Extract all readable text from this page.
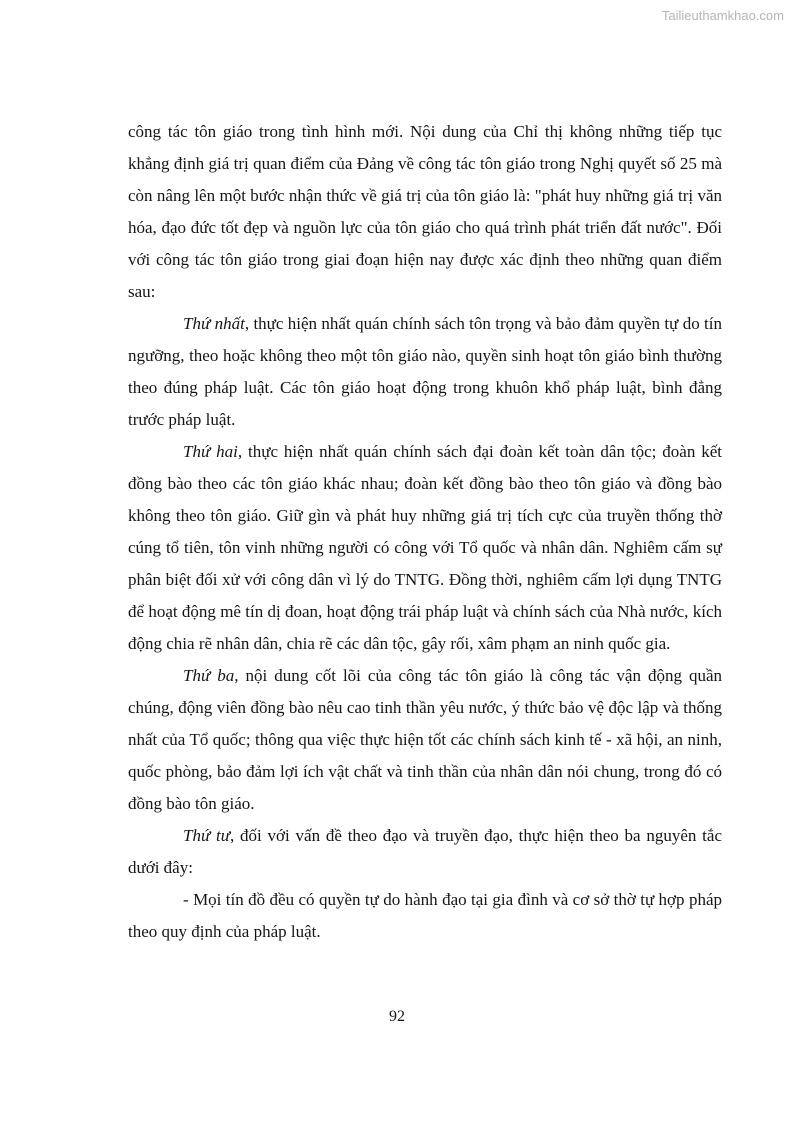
Tailieuthamkhao.com

công tác tôn giáo trong tình hình mới. Nội dung của Chỉ thị không những tiếp tục khẳng định giá trị quan điểm của Đảng về công tác tôn giáo trong Nghị quyết số 25 mà còn nâng lên một bước nhận thức về giá trị của tôn giáo là: "phát huy những giá trị văn hóa, đạo đức tốt đẹp và nguồn lực của tôn giáo cho quá trình phát triển đất nước". Đối với công tác tôn giáo trong giai đoạn hiện nay được xác định theo những quan điểm sau:

Thứ nhất, thực hiện nhất quán chính sách tôn trọng và bảo đảm quyền tự do tín ngưỡng, theo hoặc không theo một tôn giáo nào, quyền sinh hoạt tôn giáo bình thường theo đúng pháp luật. Các tôn giáo hoạt động trong khuôn khổ pháp luật, bình đẳng trước pháp luật.

Thứ hai, thực hiện nhất quán chính sách đại đoàn kết toàn dân tộc; đoàn kết đồng bào theo các tôn giáo khác nhau; đoàn kết đồng bào theo tôn giáo và đồng bào không theo tôn giáo. Giữ gìn và phát huy những giá trị tích cực của truyền thống thờ cúng tổ tiên, tôn vinh những người có công với Tổ quốc và nhân dân. Nghiêm cấm sự phân biệt đối xử với công dân vì lý do TNTG. Đồng thời, nghiêm cấm lợi dụng TNTG để hoạt động mê tín dị đoan, hoạt động trái pháp luật và chính sách của Nhà nước, kích động chia rẽ nhân dân, chia rẽ các dân tộc, gây rối, xâm phạm an ninh quốc gia.

Thứ ba, nội dung cốt lõi của công tác tôn giáo là công tác vận động quần chúng, động viên đồng bào nêu cao tinh thần yêu nước, ý thức bảo vệ độc lập và thống nhất của Tổ quốc; thông qua việc thực hiện tốt các chính sách kinh tế - xã hội, an ninh, quốc phòng, bảo đảm lợi ích vật chất và tinh thần của nhân dân nói chung, trong đó có đồng bào tôn giáo.

Thứ tư, đối với vấn đề theo đạo và truyền đạo, thực hiện theo ba nguyên tắc dưới đây:

- Mọi tín đồ đều có quyền tự do hành đạo tại gia đình và cơ sở thờ tự hợp pháp theo quy định của pháp luật.

92
